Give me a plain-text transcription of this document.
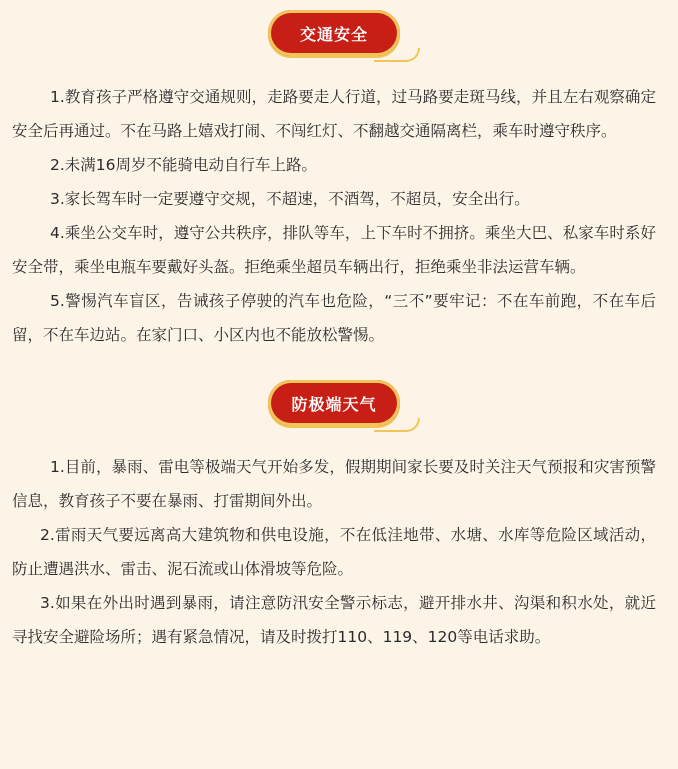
交通安全

1.教育孩子严格遵守交通规则，走路要走人行道，过马路要走斑马线，并且左右观察确定安全后再通过。不在马路上嬉戏打闹、不闯红灯、不翻越交通隔离栏，乘车时遵守秩序。

2.未满16周岁不能骑电动自行车上路。

3.家长驾车时一定要遵守交规，不超速，不酒驾，不超员，安全出行。

4.乘坐公交车时，遵守公共秩序，排队等车，上下车时不拥挤。乘坐大巴、私家车时系好安全带，乘坐电瓶车要戴好头盔。拒绝乘坐超员车辆出行，拒绝乘坐非法运营车辆。

5.警惕汽车盲区，告诫孩子停驶的汽车也危险，“三不”要牢记：不在车前跑，不在车后留，不在车边站。在家门口、小区内也不能放松警惕。

防极端天气

1.目前，暴雨、雷电等极端天气开始多发，假期期间家长要及时关注天气预报和灾害预警信息，教育孩子不要在暴雨、打雷期间外出。

2.雷雨天气要远离高大建筑物和供电设施，不在低洼地带、水塘、水库等危险区域活动，防止遭遇洪水、雷击、泥石流或山体滑坡等危险。

3.如果在外出时遇到暴雨，请注意防汛安全警示标志，避开排水井、沟渠和积水处，就近寻找安全避险场所；遇有紧急情况，请及时拨打110、119、120等电话求助。
